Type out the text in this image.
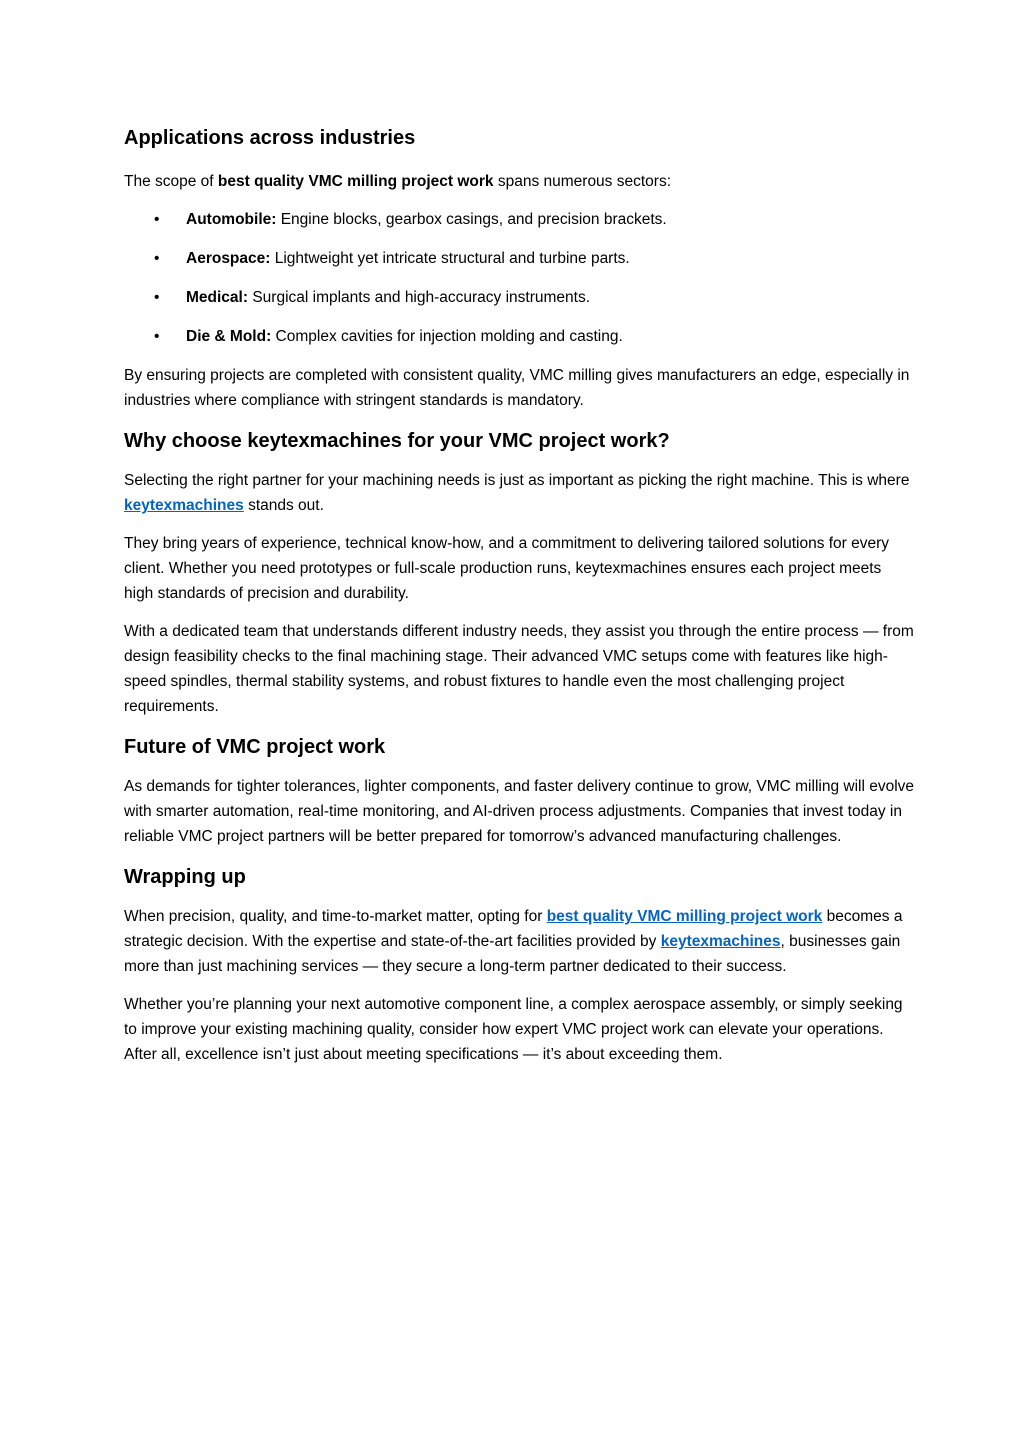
Applications across industries

The scope of best quality VMC milling project work spans numerous sectors:

• Automobile: Engine blocks, gearbox casings, and precision brackets.
• Aerospace: Lightweight yet intricate structural and turbine parts.
• Medical: Surgical implants and high-accuracy instruments.
• Die & Mold: Complex cavities for injection molding and casting.

By ensuring projects are completed with consistent quality, VMC milling gives manufacturers an edge, especially in industries where compliance with stringent standards is mandatory.

Why choose keytexmachines for your VMC project work?

Selecting the right partner for your machining needs is just as important as picking the right machine. This is where keytexmachines stands out.

They bring years of experience, technical know-how, and a commitment to delivering tailored solutions for every client. Whether you need prototypes or full-scale production runs, keytexmachines ensures each project meets high standards of precision and durability.

With a dedicated team that understands different industry needs, they assist you through the entire process — from design feasibility checks to the final machining stage. Their advanced VMC setups come with features like high-speed spindles, thermal stability systems, and robust fixtures to handle even the most challenging project requirements.

Future of VMC project work

As demands for tighter tolerances, lighter components, and faster delivery continue to grow, VMC milling will evolve with smarter automation, real-time monitoring, and AI-driven process adjustments. Companies that invest today in reliable VMC project partners will be better prepared for tomorrow’s advanced manufacturing challenges.

Wrapping up

When precision, quality, and time-to-market matter, opting for best quality VMC milling project work becomes a strategic decision. With the expertise and state-of-the-art facilities provided by keytexmachines, businesses gain more than just machining services — they secure a long-term partner dedicated to their success.

Whether you’re planning your next automotive component line, a complex aerospace assembly, or simply seeking to improve your existing machining quality, consider how expert VMC project work can elevate your operations. After all, excellence isn’t just about meeting specifications — it’s about exceeding them.
